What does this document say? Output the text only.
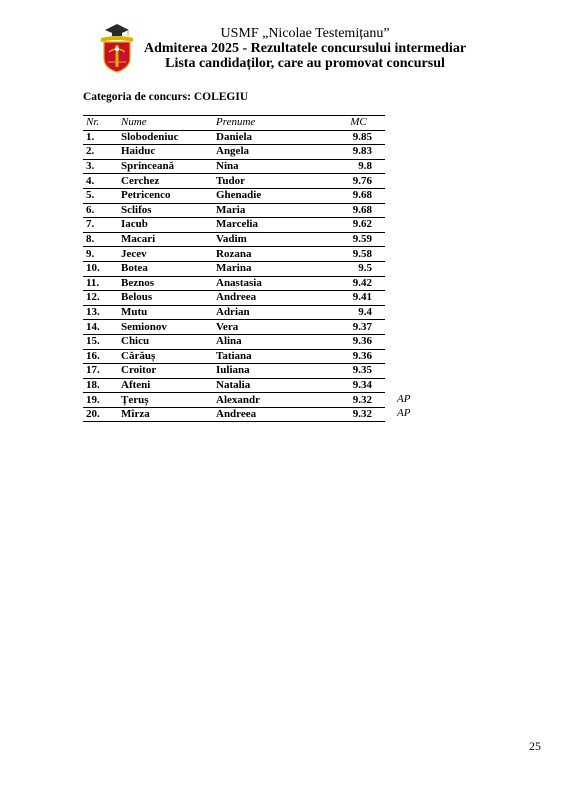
USMF „Nicolae Testemițanu”
Admiterea 2025 - Rezultatele concursului intermediar
Lista candidaților, care au promovat concursul
Categoria de concurs: COLEGIU
Nr.	Nume	Prenume	MC	
1.	Slobodeniuc	Daniela	9.85	
2.	Haiduc	Angela	9.83	
3.	Sprinceană	Nina	9.8	
4.	Cerchez	Tudor	9.76	
5.	Petricenco	Ghenadie	9.68	
6.	Sclifos	Maria	9.68	
7.	Iacub	Marcelia	9.62	
8.	Macari	Vadim	9.59	
9.	Jecev	Rozana	9.58	
10.	Botea	Marina	9.5	
11.	Beznos	Anastasia	9.42	
12.	Belous	Andreea	9.41	
13.	Mutu	Adrian	9.4	
14.	Semionov	Vera	9.37	
15.	Chicu	Alina	9.36	
16.	Cărăuș	Tatiana	9.36	
17.	Croitor	Iuliana	9.35	
18.	Afteni	Natalia	9.34	
19.	Țeruș	Alexandr	9.32	AP
20.	Mîrza	Andreea	9.32	AP
25
